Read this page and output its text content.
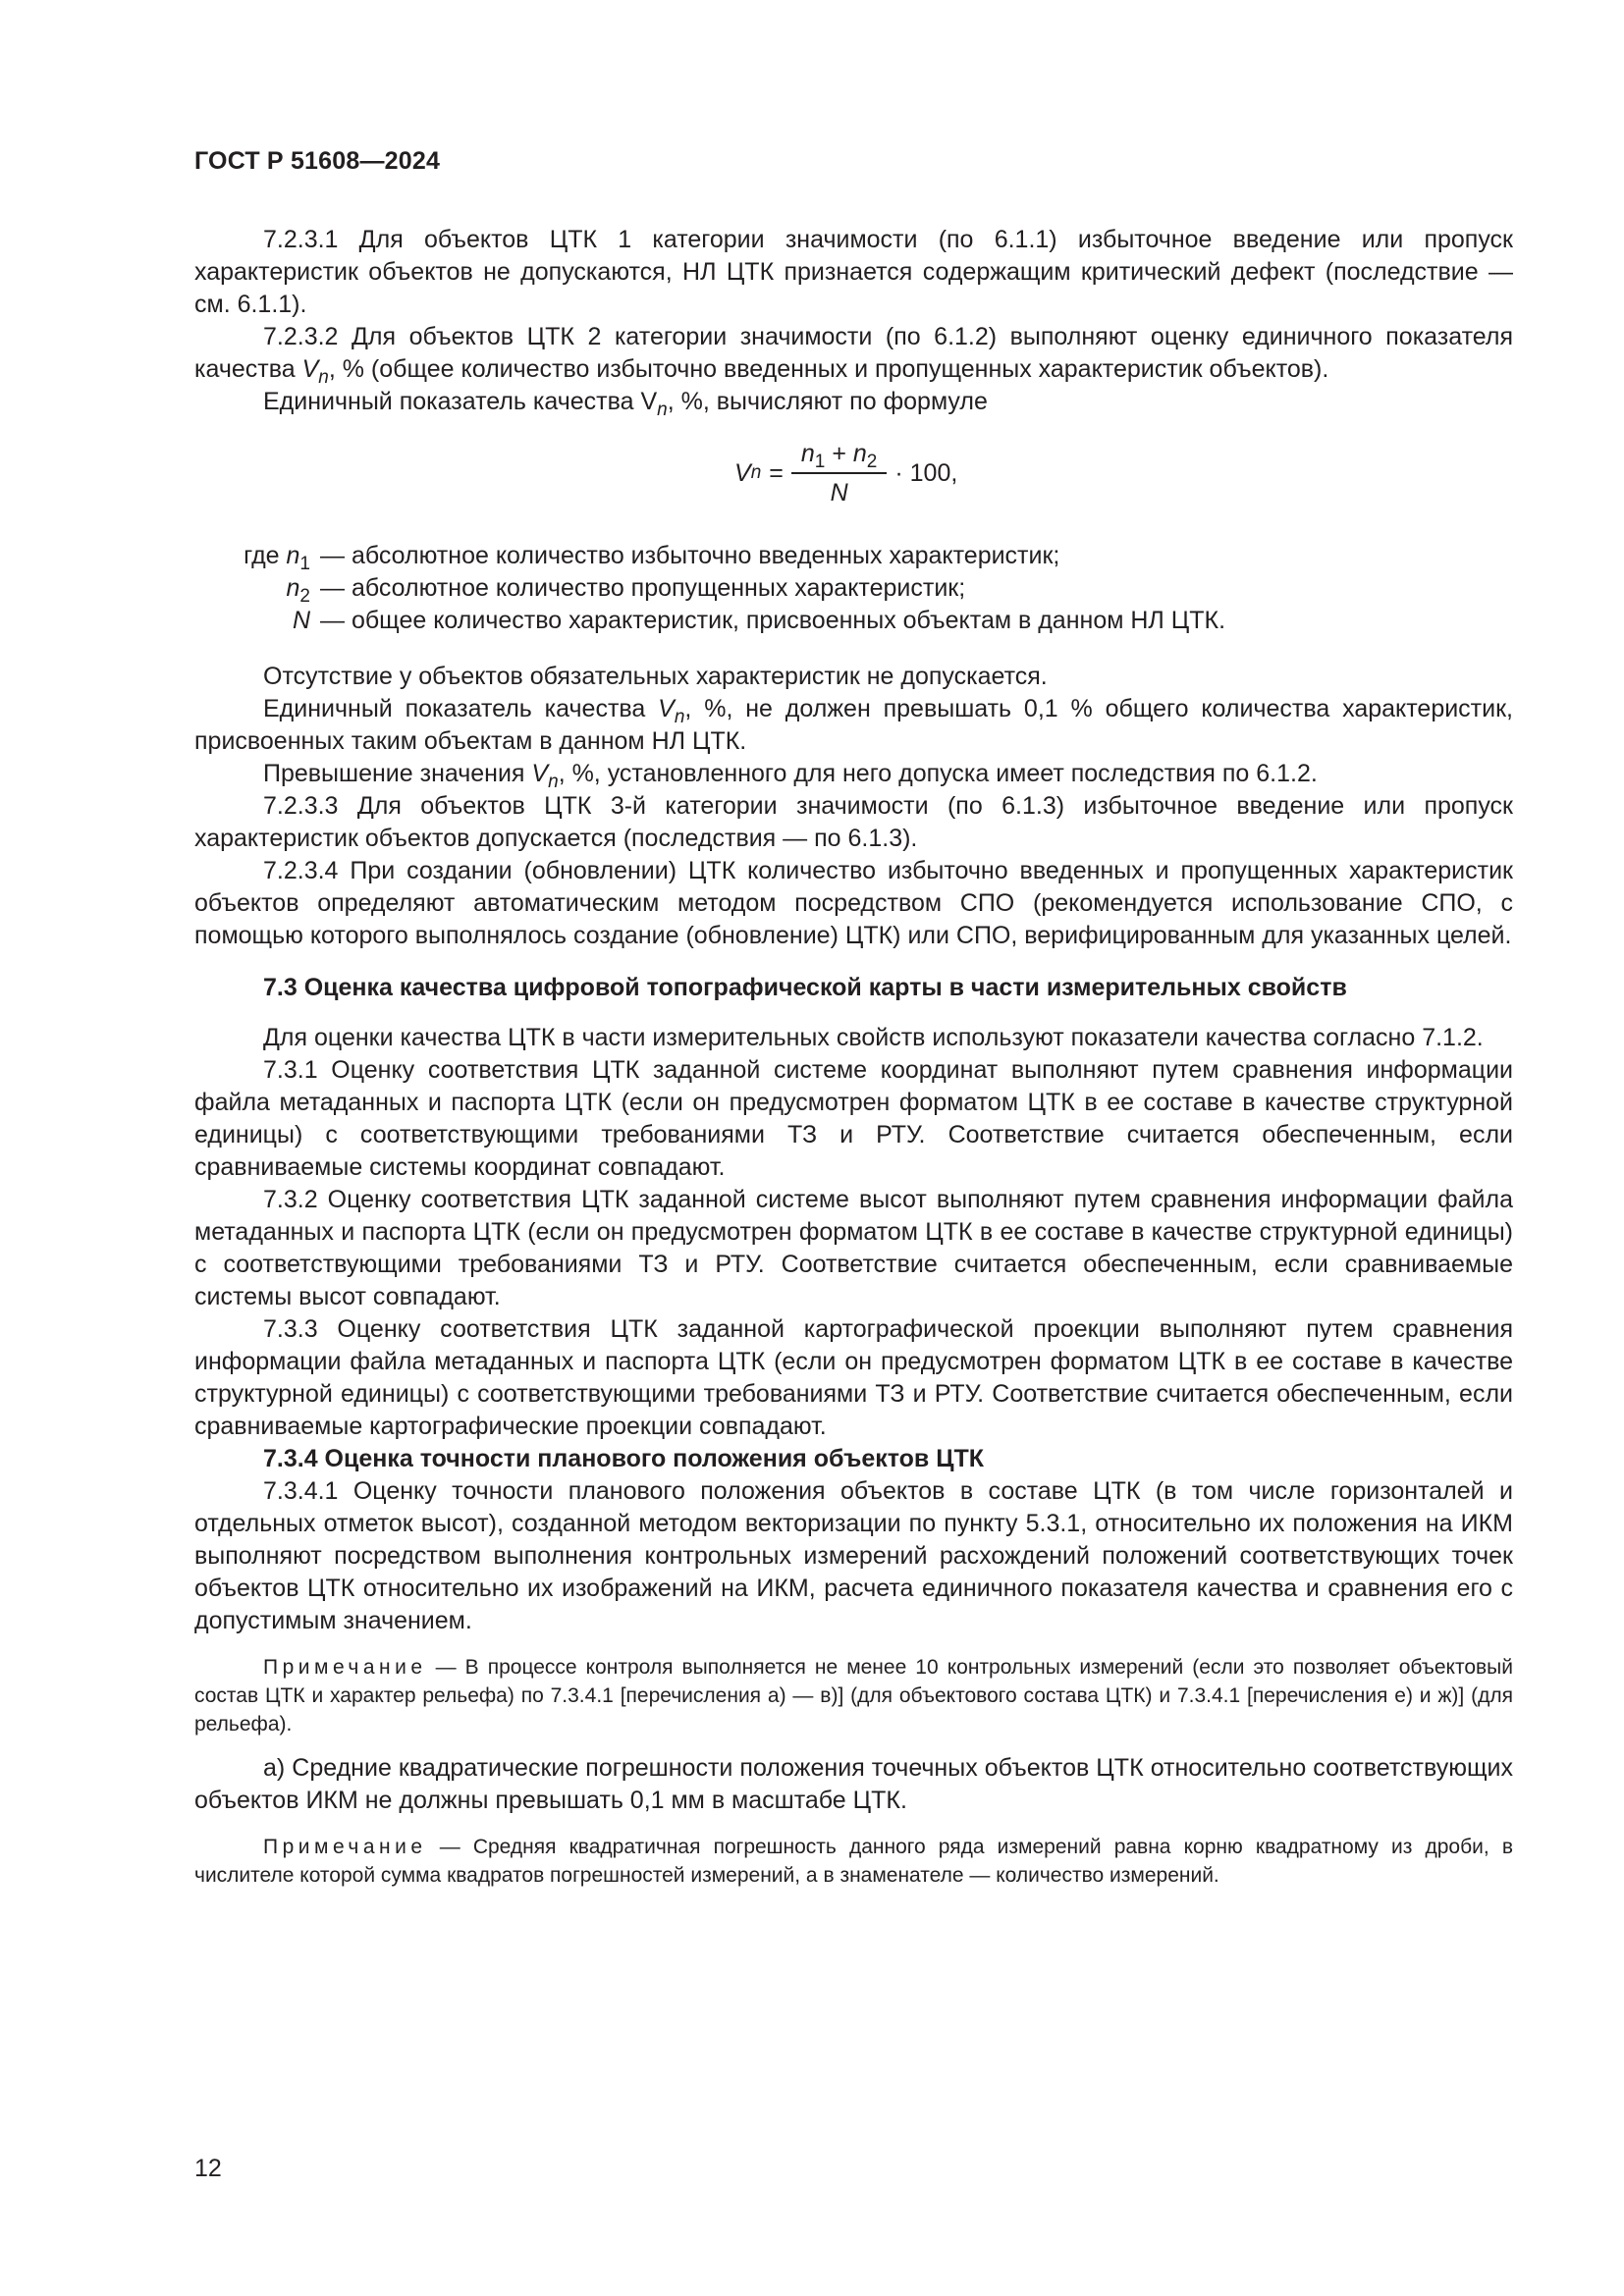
ГОСТ Р 51608—2024

7.2.3.1 Для объектов ЦТК 1 категории значимости (по 6.1.1) избыточное введение или пропуск характеристик объектов не допускаются, НЛ ЦТК признается содержащим критический дефект (последствие — см. 6.1.1).

7.2.3.2 Для объектов ЦТК 2 категории значимости (по 6.1.2) выполняют оценку единичного показателя качества $V_n$, % (общее количество избыточно введенных и пропущенных характеристик объектов).

Единичный показатель качества $V_n$, %, вычисляют по формуле

V $n = \frac{n_1 + n_2}{N} \cdot 100$,
где $n_1$ — абсолютное количество избыточно введенных характеристик;
$n_2$ — абсолютное количество пропущенных характеристик;
N — общее количество характеристик, присвоенных объектам в данном НЛ ЦТК.

Отсутствие у объектов обязательных характеристик не допускается.

Единичный показатель качества $V_n$, %, не должен превышать 0,1 % общего количества характеристик, присвоенных таким объектам в данном НЛ ЦТК.

Превышение значения $V_n$, %, установленного для него допуска имеет последствия по 6.1.2.

7.2.3.3 Для объектов ЦТК 3-й категории значимости (по 6.1.3) избыточное введение или пропуск характеристик объектов допускается (последствия — по 6.1.3).

7.2.3.4 При создании (обновлении) ЦТК количество избыточно введенных и пропущенных характеристик объектов определяют автоматическим методом посредством СПО (рекомендуется использование СПО, с помощью которого выполнялось создание (обновление) ЦТК) или СПО, верифицированным для указанных целей.

7.3 Оценка качества цифровой топографической карты в части измерительных свойств

Для оценки качества ЦТК в части измерительных свойств используют показатели качества согласно 7.1.2.

7.3.1 Оценку соответствия ЦТК заданной системе координат выполняют путем сравнения информации файла метаданных и паспорта ЦТК (если он предусмотрен форматом ЦТК в ее составе в качестве структурной единицы) с соответствующими требованиями ТЗ и РТУ. Соответствие считается обеспеченным, если сравниваемые системы координат совпадают.

7.3.2 Оценку соответствия ЦТК заданной системе высот выполняют путем сравнения информации файла метаданных и паспорта ЦТК (если он предусмотрен форматом ЦТК в ее составе в качестве структурной единицы) с соответствующими требованиями ТЗ и РТУ. Соответствие считается обеспеченным, если сравниваемые системы высот совпадают.

7.3.3 Оценку соответствия ЦТК заданной картографической проекции выполняют путем сравнения информации файла метаданных и паспорта ЦТК (если он предусмотрен форматом ЦТК в ее составе в качестве структурной единицы) с соответствующими требованиями ТЗ и РТУ. Соответствие считается обеспеченным, если сравниваемые картографические проекции совпадают.

7.3.4 Оценка точности планового положения объектов ЦТК

7.3.4.1 Оценку точности планового положения объектов в составе ЦТК (в том числе горизонталей и отдельных отметок высот), созданной методом векторизации по пункту 5.3.1, относительно их положения на ИКМ выполняют посредством выполнения контрольных измерений расхождений положений соответствующих точек объектов ЦТК относительно их изображений на ИКМ, расчета единичного показателя качества и сравнения его с допустимым значением.

Примечание — В процессе контроля выполняется не менее 10 контрольных измерений (если это позволяет объектовый состав ЦТК и характер рельефа) по 7.3.4.1 [перечисления а) — в)] (для объектового состава ЦТК) и 7.3.4.1 [перечисления е) и ж)] (для рельефа).

а) Средние квадратические погрешности положения точечных объектов ЦТК относительно соответствующих объектов ИКМ не должны превышать 0,1 мм в масштабе ЦТК.

Примечание — Средняя квадратичная погрешность данного ряда измерений равна корню квадратному из дроби, в числителе которой сумма квадратов погрешностей измерений, а в знаменателе — количество измерений.

12
